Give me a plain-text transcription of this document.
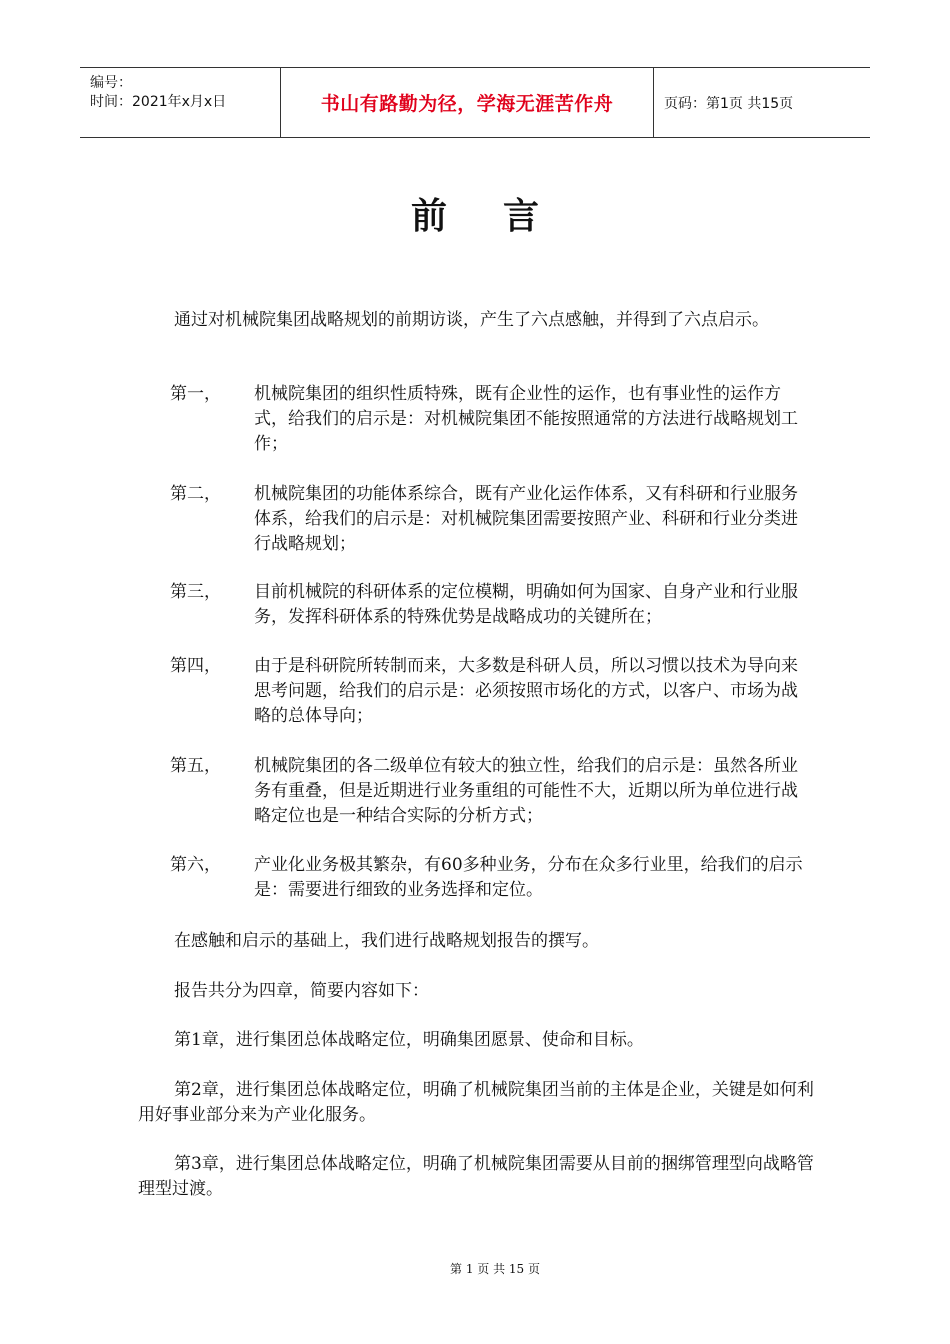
编号：
时间：2021年x月x日	书山有路勤为径，学海无涯苦作舟	页码：第1页 共15页
前言
通过对机械院集团战略规划的前期访谈，产生了六点感触，并得到了六点启示。
第一，	机械院集团的组织性质特殊，既有企业性的运作，也有事业性的运作方式，给我们的启示是：对机械院集团不能按照通常的方法进行战略规划工作；
第二，	机械院集团的功能体系综合，既有产业化运作体系，又有科研和行业服务体系，给我们的启示是：对机械院集团需要按照产业、科研和行业分类进行战略规划；
第三，	目前机械院的科研体系的定位模糊，明确如何为国家、自身产业和行业服务，发挥科研体系的特殊优势是战略成功的关键所在；
第四，	由于是科研院所转制而来，大多数是科研人员，所以习惯以技术为导向来思考问题，给我们的启示是：必须按照市场化的方式，以客户、市场为战略的总体导向；
第五，	机械院集团的各二级单位有较大的独立性，给我们的启示是：虽然各所业务有重叠，但是近期进行业务重组的可能性不大，近期以所为单位进行战略定位也是一种结合实际的分析方式；
第六，	产业化业务极其繁杂，有60多种业务，分布在众多行业里，给我们的启示是：需要进行细致的业务选择和定位。
在感触和启示的基础上，我们进行战略规划报告的撰写。
报告共分为四章，简要内容如下：
第1章，进行集团总体战略定位，明确集团愿景、使命和目标。
第2章，进行集团总体战略定位，明确了机械院集团当前的主体是企业，关键是如何利用好事业部分来为产业化服务。
第3章，进行集团总体战略定位，明确了机械院集团需要从目前的捆绑管理型向战略管理型过渡。
第 1 页 共 15 页
